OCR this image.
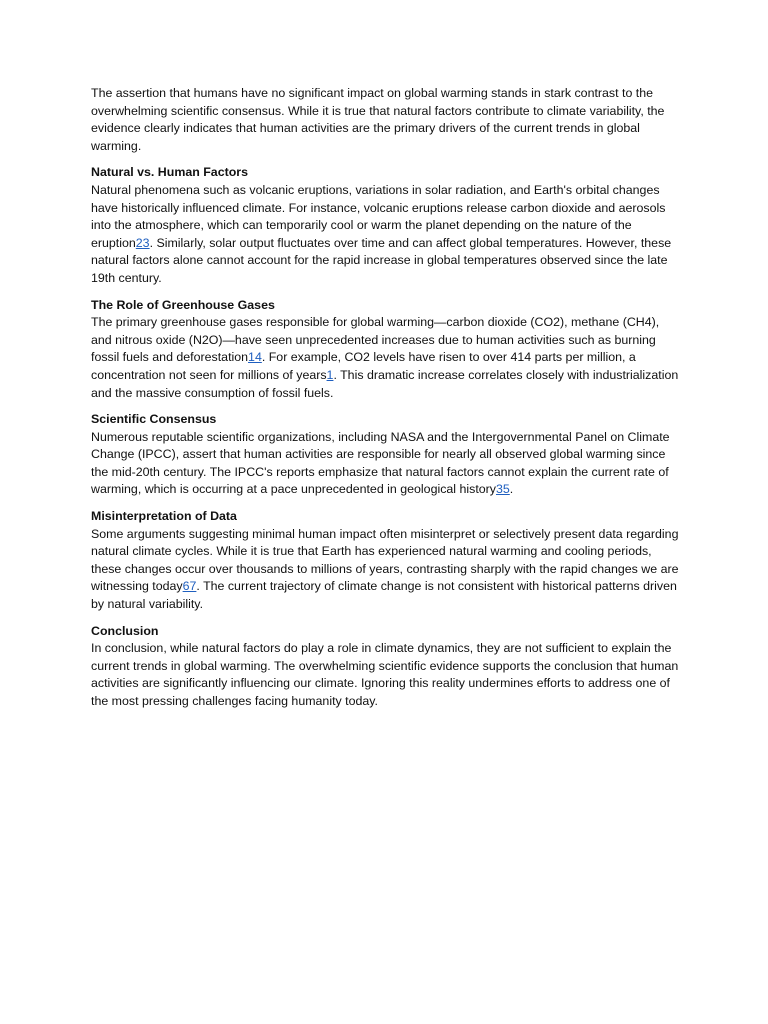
The assertion that humans have no significant impact on global warming stands in stark contrast to the overwhelming scientific consensus. While it is true that natural factors contribute to climate variability, the evidence clearly indicates that human activities are the primary drivers of the current trends in global warming.

Natural vs. Human Factors

Natural phenomena such as volcanic eruptions, variations in solar radiation, and Earth's orbital changes have historically influenced climate. For instance, volcanic eruptions release carbon dioxide and aerosols into the atmosphere, which can temporarily cool or warm the planet depending on the nature of the eruption23. Similarly, solar output fluctuates over time and can affect global temperatures. However, these natural factors alone cannot account for the rapid increase in global temperatures observed since the late 19th century.

The Role of Greenhouse Gases

The primary greenhouse gases responsible for global warming—carbon dioxide (CO2), methane (CH4), and nitrous oxide (N2O)—have seen unprecedented increases due to human activities such as burning fossil fuels and deforestation14. For example, CO2 levels have risen to over 414 parts per million, a concentration not seen for millions of years1. This dramatic increase correlates closely with industrialization and the massive consumption of fossil fuels.

Scientific Consensus

Numerous reputable scientific organizations, including NASA and the Intergovernmental Panel on Climate Change (IPCC), assert that human activities are responsible for nearly all observed global warming since the mid-20th century. The IPCC's reports emphasize that natural factors cannot explain the current rate of warming, which is occurring at a pace unprecedented in geological history35.

Misinterpretation of Data

Some arguments suggesting minimal human impact often misinterpret or selectively present data regarding natural climate cycles. While it is true that Earth has experienced natural warming and cooling periods, these changes occur over thousands to millions of years, contrasting sharply with the rapid changes we are witnessing today67. The current trajectory of climate change is not consistent with historical patterns driven by natural variability.

Conclusion

In conclusion, while natural factors do play a role in climate dynamics, they are not sufficient to explain the current trends in global warming. The overwhelming scientific evidence supports the conclusion that human activities are significantly influencing our climate. Ignoring this reality undermines efforts to address one of the most pressing challenges facing humanity today.
